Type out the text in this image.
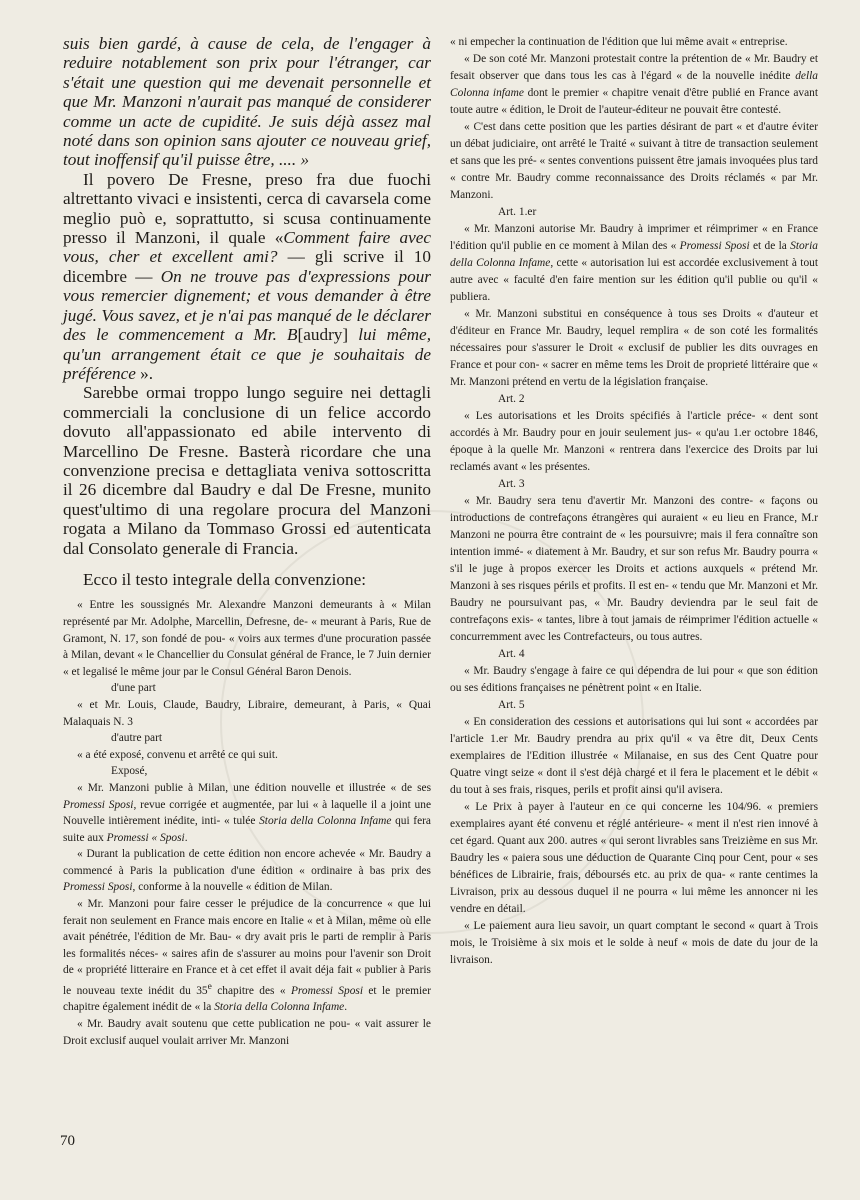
suis bien gardé, à cause de cela, de l'engager à reduire notablement son prix pour l'étranger, car s'était une question qui me devenait personnelle et que Mr. Manzoni n'aurait pas manqué de considerer comme un acte de cupidité. Je suis déjà assez mal noté dans son opinion sans ajouter ce nouveau grief, tout inoffensif qu'il puisse être, .... »

Il povero De Fresne, preso fra due fuochi altrettanto vivaci e insistenti, cerca di cavarsela come meglio può e, soprattutto, si scusa continuamente presso il Manzoni, il quale «Comment faire avec vous, cher et excellent ami? — gli scrive il 10 dicembre — On ne trouve pas d'expressions pour vous remercier dignement; et vous demander à être jugé. Vous savez, et je n'ai pas manqué de le déclarer des le commencement a Mr. B[audry] lui même, qu'un arrangement était ce que je souhaitais de préférence ».

Sarebbe ormai troppo lungo seguire nei dettagli commerciali la conclusione di un felice accordo dovuto all'appassionato ed abile intervento di Marcellino De Fresne. Basterà ricordare che una convenzione precisa e dettagliata veniva sottoscritta il 26 dicembre dal Baudry e dal De Fresne, munito quest'ultimo di una regolare procura del Manzoni rogata a Milano da Tommaso Grossi ed autenticata dal Consolato generale di Francia.

Ecco il testo integrale della convenzione:

« Entre les soussignés Mr. Alexandre Manzoni demeurants à « Milan représenté par Mr. Adolphe, Marcellin, Defresne, de- « meurant à Paris, Rue de Gramont, N. 17, son fondé de pou- « voirs aux termes d'une procuration passée à Milan, devant « le Chancellier du Consulat général de France, le 7 Juin dernier « et legalisé le même jour par le Consul Général Baron Denois.

d'une part

« et Mr. Louis, Claude, Baudry, Libraire, demeurant, à Paris, « Quai Malaquais N. 3

d'autre part

« a été exposé, convenu et arrêté ce qui suit.

Exposé,

« Mr. Manzoni publie à Milan, une édition nouvelle et illustrée « de ses Promessi Sposi, revue corrigée et augmentée, par lui « à laquelle il a joint une Nouvelle intièrement inédite, inti- « tulée Storia della Colonna Infame qui fera suite aux Promessi « Sposi.

« Durant la publication de cette édition non encore achevée « Mr. Baudry a commencé à Paris la publication d'une édition « ordinaire à bas prix des Promessi Sposi, conforme à la nouvelle « édition de Milan.

« Mr. Manzoni pour faire cesser le préjudice de la concurrence « que lui ferait non seulement en France mais encore en Italie « et à Milan, même où elle avait pénétrée, l'édition de Mr. Bau- « dry avait pris le parti de remplir à Paris les formalités néces- « saires afin de s'assurer au moins pour l'avenir son Droit de « propriété litteraire en France et à cet effet il avait déja fait « publier à Paris le nouveau texte inédit du 35e chapitre des « Promessi Sposi et le premier chapitre également inédit de « la Storia della Colonna Infame.

« Mr. Baudry avait soutenu que cette publication ne pou- « vait assurer le Droit exclusif auquel voulait arriver Mr. Manzoni

« ni empecher la continuation de l'édition que lui même avait « entreprise.

« De son coté Mr. Manzoni protestait contre la prétention de « Mr. Baudry et fesait observer que dans tous les cas à l'égard « de la nouvelle inédite della Colonna infame dont le premier « chapitre venait d'être publié en France avant toute autre « édition, le Droit de l'auteur-éditeur ne pouvait être contesté.

« C'est dans cette position que les parties désirant de part « et d'autre éviter un débat judiciaire, ont arrêté le Traité « suivant à titre de transaction seulement et sans que les pré- « sentes conventions puissent être jamais invoquées plus tard « contre Mr. Baudry comme reconnaissance des Droits réclamés « par Mr. Manzoni.

Art. 1.er

« Mr. Manzoni autorise Mr. Baudry à imprimer et réimprimer « en France l'édition qu'il publie en ce moment à Milan des « Promessi Sposi et de la Storia della Colonna Infame, cette « autorisation lui est accordée exclusivement à tout autre avec « faculté d'en faire mention sur les édition qu'il publie ou qu'il « publiera.

« Mr. Manzoni substitui en conséquence à tous ses Droits « d'auteur et d'éditeur en France Mr. Baudry, lequel remplira « de son coté les formalités nécessaires pour s'assurer le Droit « exclusif de publier les dits ouvrages en France et pour con- « sacrer en même tems les Droit de proprieté littéraire que « Mr. Manzoni prétend en vertu de la législation française.

Art. 2

« Les autorisations et les Droits spécifiés à l'article préce- « dent sont accordés à Mr. Baudry pour en jouir seulement jus- « qu'au 1.er octobre 1846, époque à la quelle Mr. Manzoni « rentrera dans l'exercice des Droits par lui reclamés avant « les présentes.

Art. 3

« Mr. Baudry sera tenu d'avertir Mr. Manzoni des contre- « façons ou introductions de contrefaçons étrangères qui auraient « eu lieu en France, M.r Manzoni ne pourra être contraint de « les poursuivre; mais il fera connaître son intention immé- « diatement à Mr. Baudry, et sur son refus Mr. Baudry pourra « s'il le juge à propos exercer les Droits et actions auxquels « prétend Mr. Manzoni à ses risques périls et profits. Il est en- « tendu que Mr. Manzoni et Mr. Baudry ne poursuivant pas, « Mr. Baudry deviendra par le seul fait de contrefaçons exis- « tantes, libre à tout jamais de réimprimer l'édition actuelle « concurremment avec les Contrefacteurs, ou tous autres.

Art. 4

« Mr. Baudry s'engage à faire ce qui dépendra de lui pour « que son édition ou ses éditions françaises ne pénètrent point « en Italie.

Art. 5

« En consideration des cessions et autorisations qui lui sont « accordées par l'article 1.er Mr. Baudry prendra au prix qu'il « va être dit, Deux Cents exemplaires de l'Edition illustrée « Milanaise, en sus des Cent Quatre pour Quatre vingt seize « dont il s'est déjà chargé et il fera le placement et le débit « du tout à ses frais, risques, perils et profit ainsi qu'il avisera.

« Le Prix à payer à l'auteur en ce qui concerne les 104/96. « premiers exemplaires ayant été convenu et réglé antérieure- « ment il n'est rien innové à cet égard. Quant aux 200. autres « qui seront livrables sans Treizième en sus Mr. Baudry les « paiera sous une déduction de Quarante Cinq pour Cent, pour « ses bénéfices de Librairie, frais, déboursés etc. au prix de qua- « rante centimes la Livraison, prix au dessous duquel il ne pourra « lui même les annoncer ni les vendre en détail.

« Le paiement aura lieu savoir, un quart comptant le second « quart à Trois mois, le Troisième à six mois et le solde à neuf « mois de date du jour de la livraison.

70
